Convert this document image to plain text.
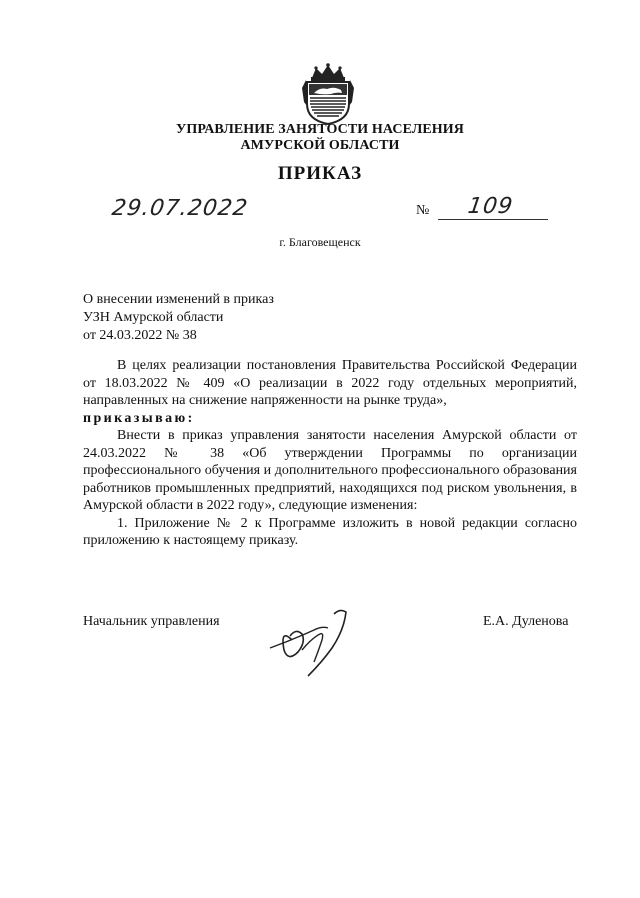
УПРАВЛЕНИЕ ЗАНЯТОСТИ НАСЕЛЕНИЯ
АМУРСКОЙ ОБЛАСТИ
ПРИКАЗ
29.07.2022	№ 109
г. Благовещенск
О внесении изменений в приказ
УЗН Амурской области
от 24.03.2022 № 38

В целях реализации постановления Правительства Российской Федерации от 18.03.2022 № 409 «О реализации в 2022 году отдельных мероприятий, направленных на снижение напряженности на рынке труда»,

приказываю:

Внести в приказ управления занятости населения Амурской области от 24.03.2022 № 38 «Об утверждении Программы по организации профессионального обучения и дополнительного профессионального образования работников промышленных предприятий, находящихся под риском увольнения, в Амурской области в 2022 году», следующие изменения:

1. Приложение № 2 к Программе изложить в новой редакции согласно приложению к настоящему приказу.

Начальник управления	Е.А. Дуленова
